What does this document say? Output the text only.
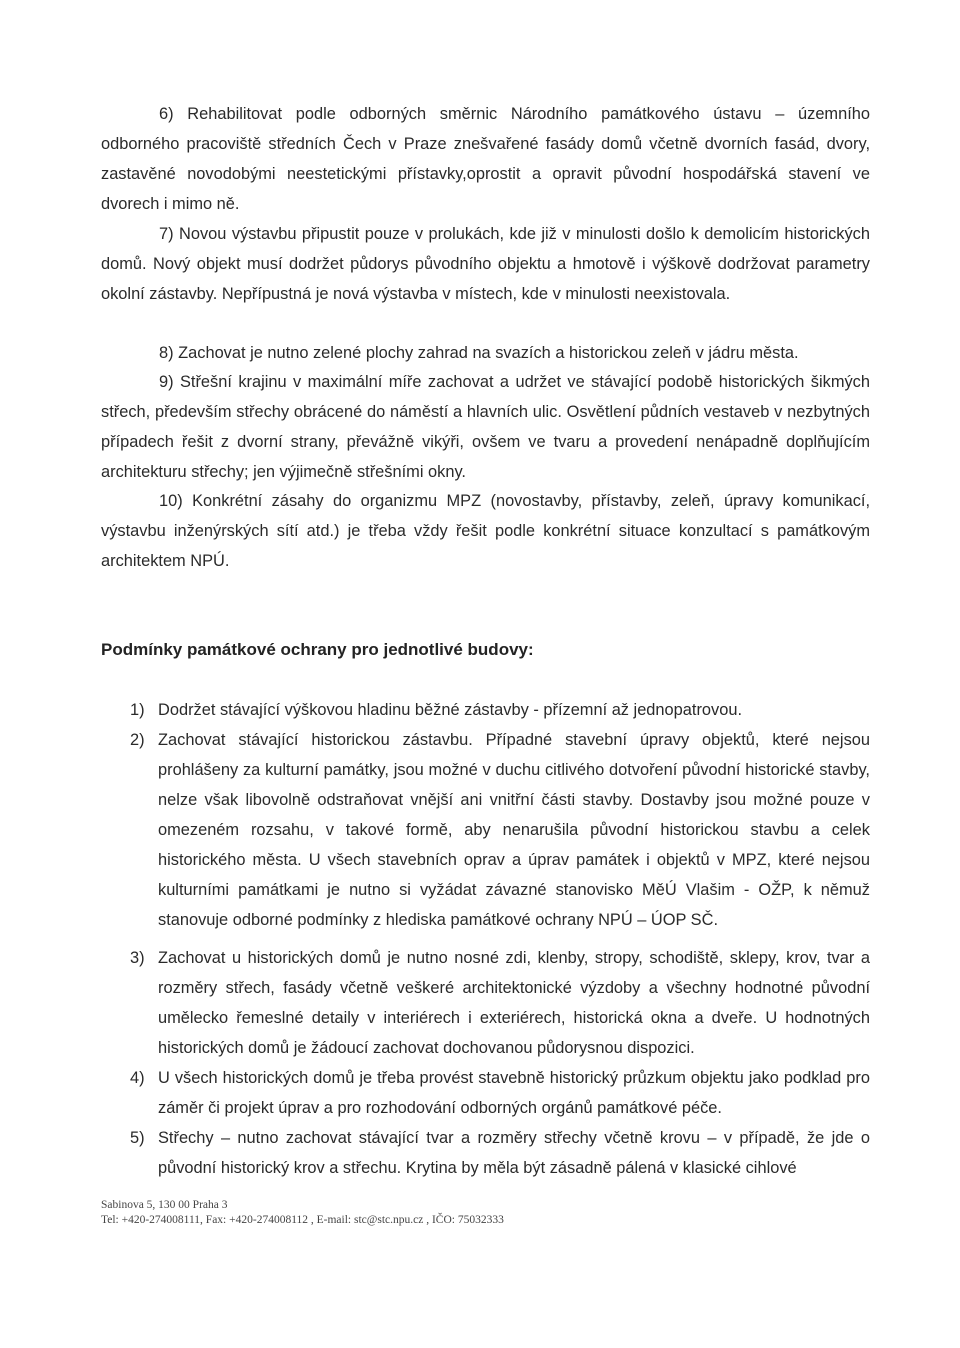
6) Rehabilitovat podle odborných směrnic Národního památkového ústavu – územního odborného pracoviště středních Čech v Praze znešvařené fasády domů včetně dvorních fasád, dvory, zastavěné novodobými neestetickými přístavky,oprostit a opravit původní hospodářská stavení ve dvorech i mimo ně.

7) Novou výstavbu připustit pouze v prolukách, kde již v minulosti došlo k demolicím historických domů. Nový objekt musí dodržet půdorys původního objektu a hmotově i výškově dodržovat parametry okolní zástavby. Nepřípustná je nová výstavba v místech, kde v minulosti neexistovala.

8) Zachovat je nutno zelené plochy zahrad na svazích a historickou zeleň v jádru města.

9) Střešní krajinu v maximální míře zachovat a udržet ve stávající podobě historických šikmých střech, především střechy obrácené do náměstí a hlavních ulic. Osvětlení půdních vestaveb v nezbytných případech řešit z dvorní strany, převážně vikýři, ovšem ve tvaru a provedení nenápadně doplňujícím architekturu střechy; jen výjimečně střešními okny.

10) Konkrétní zásahy do organizmu MPZ (novostavby, přístavby, zeleň, úpravy komunikací, výstavbu inženýrských sítí atd.) je třeba vždy řešit podle konkrétní situace konzultací s památkovým architektem NPÚ.

Podmínky památkové ochrany pro jednotlivé budovy:
1) Dodržet stávající výškovou hladinu běžné zástavby - přízemní až jednopatrovou.
2) Zachovat stávající historickou zástavbu. Případné stavební úpravy objektů, které nejsou prohlášeny za kulturní památky, jsou možné v duchu citlivého dotvoření původní historické stavby, nelze však libovolně odstraňovat vnější ani vnitřní části stavby. Dostavby jsou možné pouze v omezeném rozsahu, v takové formě, aby nenarušila původní historickou stavbu a celek historického města. U všech stavebních oprav a úprav památek i objektů v MPZ, které nejsou kulturními památkami je nutno si vyžádat závazné stanovisko MěÚ Vlašim - OŽP, k němuž stanovuje odborné podmínky z hlediska památkové ochrany NPÚ – ÚOP SČ.
3) Zachovat u historických domů je nutno nosné zdi, klenby, stropy, schodiště, sklepy, krov, tvar a rozměry střech, fasády včetně veškeré architektonické výzdoby a všechny hodnotné původní umělecko řemeslné detaily v interiérech i exteriérech, historická okna a dveře. U hodnotných historických domů je žádoucí zachovat dochovanou půdorysnou dispozici.
4) U všech historických domů je třeba provést stavebně historický průzkum objektu jako podklad pro záměr či projekt úprav a pro rozhodování odborných orgánů památkové péče.
5) Střechy – nutno zachovat stávající tvar a rozměry střechy včetně krovu – v případě, že jde o původní historický krov a střechu. Krytina by měla být zásadně pálená v klasické cihlové
Sabinova 5, 130 00 Praha 3
Tel: +420-274008111, Fax: +420-274008112 , E-mail: stc@stc.npu.cz , IČO: 75032333
